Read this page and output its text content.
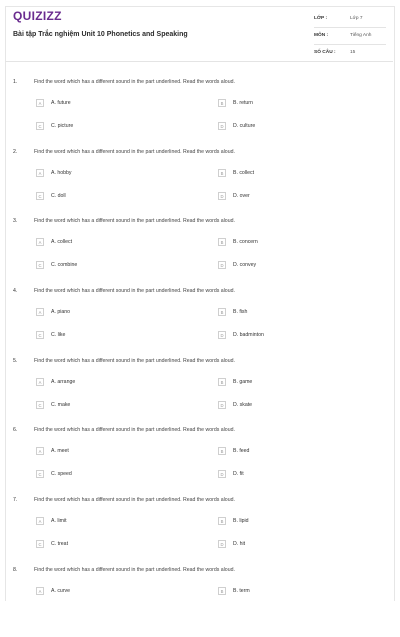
QUIZIZZ
Bài tập Trắc nghiệm Unit 10 Phonetics and Speaking
LỚP :	Lớp 7
MÔN :	Tiếng Anh
SỐ CÂU :	15
1.	Find the word which has a different sound in the part underlined. Read the words aloud.
A	A. future	B	B. return
C	C. picture	D	D. culture
2.	Find the word which has a different sound in the part underlined. Read the words aloud.
A	A. hobby	B	B. collect
C	C. doll	D	D. over
3.	Find the word which has a different sound in the part underlined. Read the words aloud.
A	A. collect	B	B. concern
C	C. combine	D	D. convey
4.	Find the word which has a different sound in the part underlined. Read the words aloud.
A	A. piano	B	B. fish
C	C. like	D	D. badminton
5.	Find the word which has a different sound in the part underlined. Read the words aloud.
A	A. arrange	B	B. game
C	C. make	D	D. skate
6.	Find the word which has a different sound in the part underlined. Read the words aloud.
A	A. meet	B	B. feed
C	C. speed	D	D. fit
7.	Find the word which has a different sound in the part underlined. Read the words aloud.
A	A. limit	B	B. lipid
C	C. treat	D	D. hit
8.	Find the word which has a different sound in the part underlined. Read the words aloud.
A	A. curve	B	B. term
